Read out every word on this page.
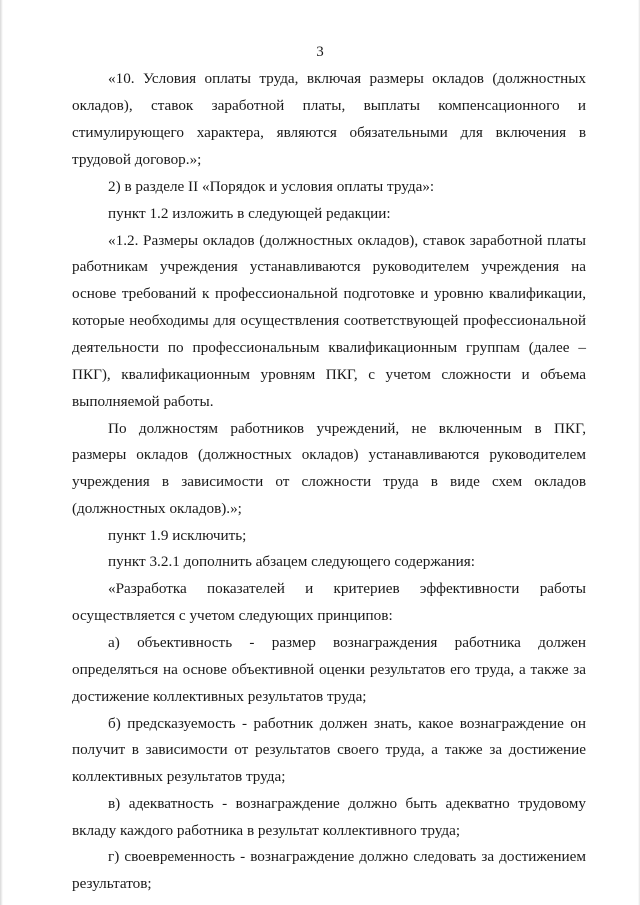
3
«10. Условия оплаты труда, включая размеры окладов (должностных
окладов), ставок заработной платы, выплаты компенсационного и
стимулирующего характера, являются обязательными для включения в
трудовой договор.»;
2) в разделе II «Порядок и условия оплаты труда»:
пункт 1.2 изложить в следующей редакции:
«1.2. Размеры окладов (должностных окладов), ставок заработной платы
работникам учреждения устанавливаются руководителем учреждения на
основе требований к профессиональной подготовке и уровню квалификации,
которые необходимы для осуществления соответствующей профессиональной
деятельности по профессиональным квалификационным группам (далее –
ПКГ), квалификационным уровням ПКГ, с учетом сложности и объема
выполняемой работы.
По должностям работников учреждений, не включенным в ПКГ,
размеры окладов (должностных окладов) устанавливаются руководителем
учреждения в зависимости от сложности труда в виде схем окладов
(должностных окладов).»;
пункт 1.9 исключить;
пункт 3.2.1 дополнить абзацем следующего содержания:
«Разработка показателей и критериев эффективности работы
осуществляется с учетом следующих принципов:
а) объективность - размер вознаграждения работника должен
определяться на основе объективной оценки результатов его труда, а также за
достижение коллективных результатов труда;
б) предсказуемость - работник должен знать, какое вознаграждение он
получит в зависимости от результатов своего труда, а также за достижение
коллективных результатов труда;
в) адекватность - вознаграждение должно быть адекватно трудовому
вкладу каждого работника в результат коллективного труда;
г) своевременность - вознаграждение должно следовать за достижением
результатов;
